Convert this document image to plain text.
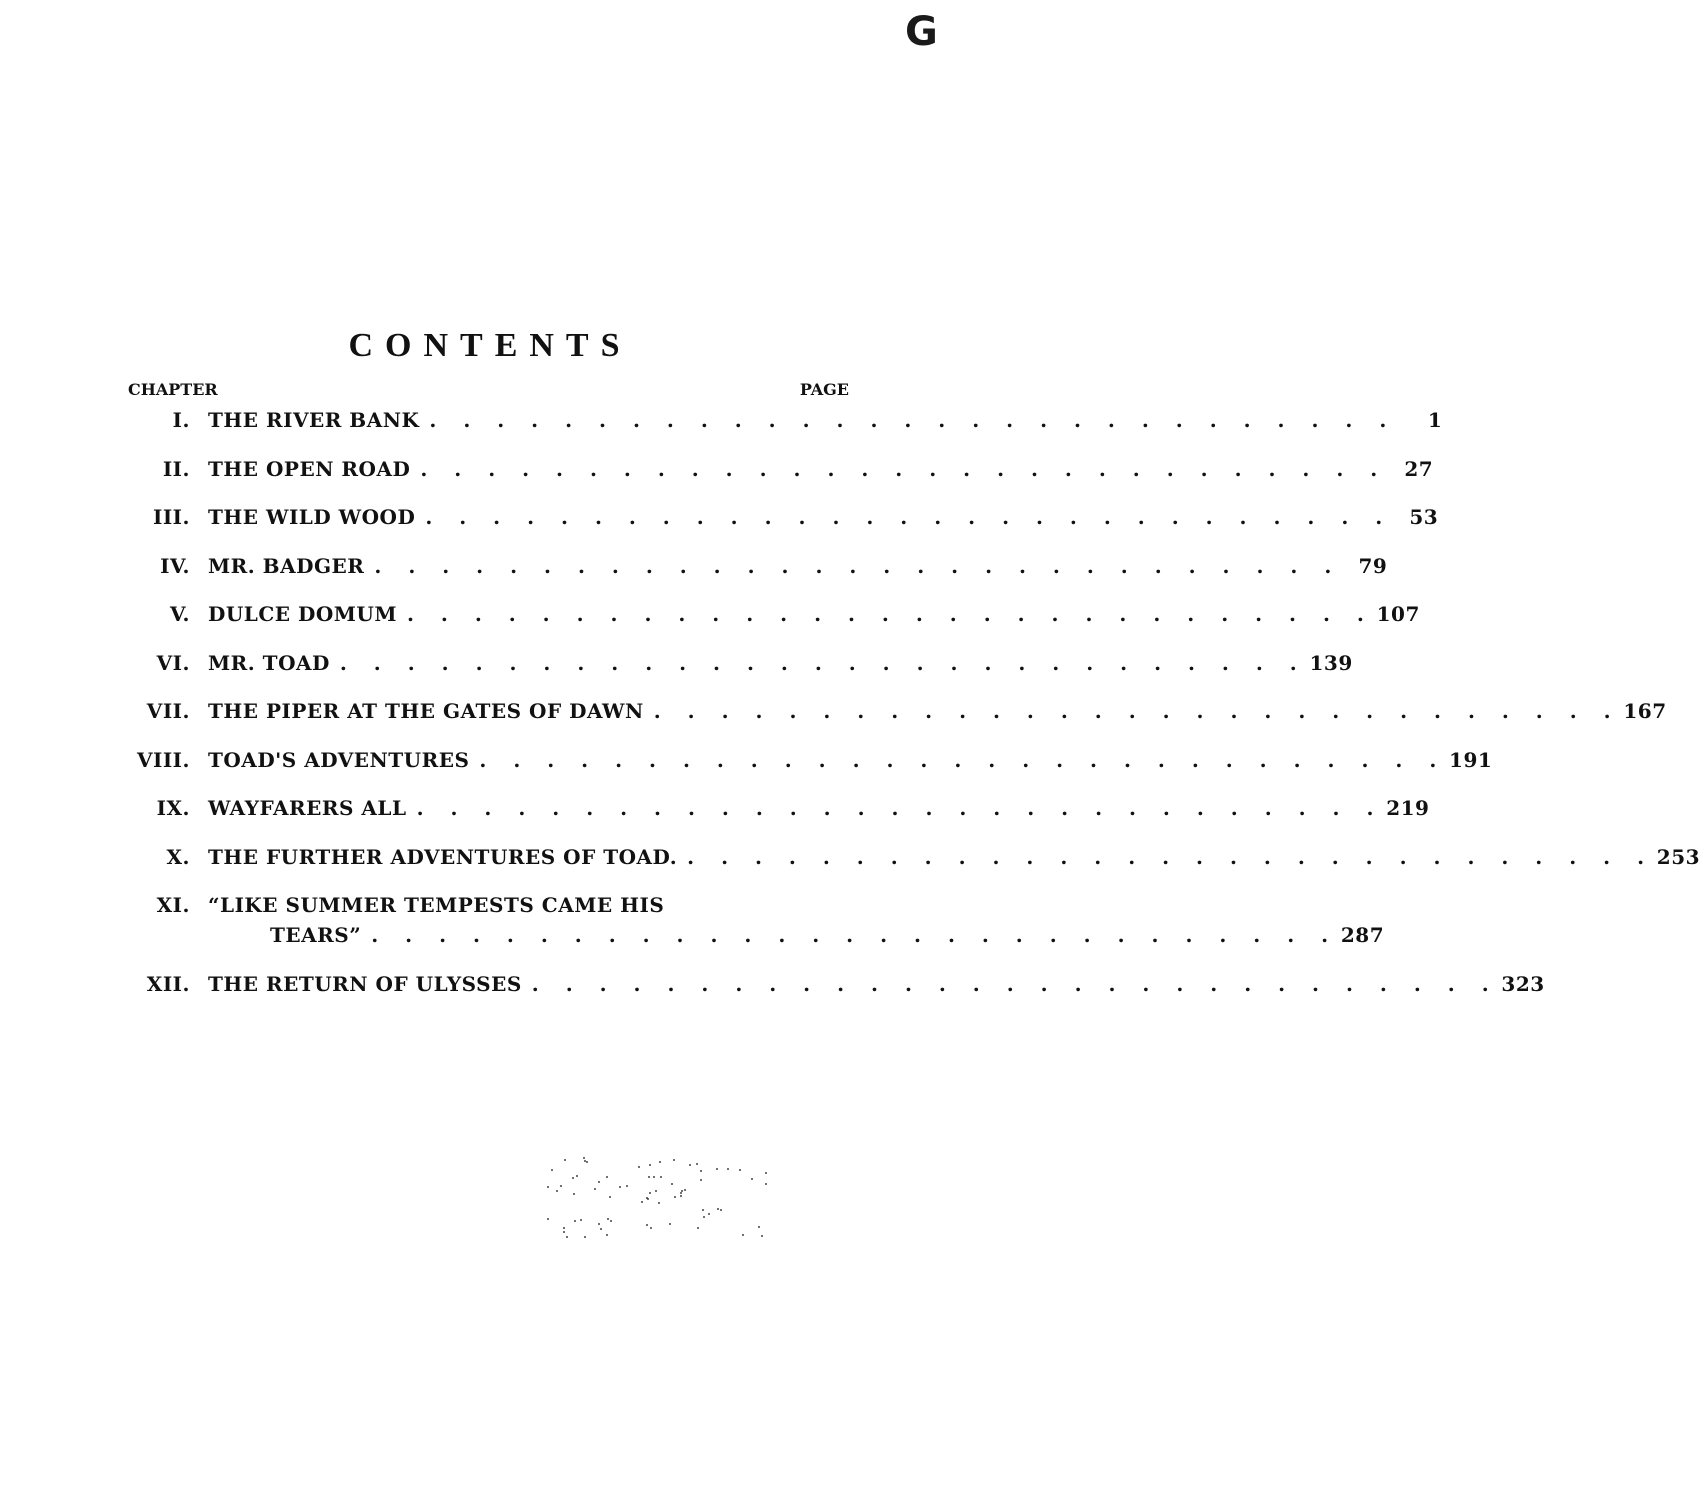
G
CONTENTS
CHAPTER	PAGE
I. THE RIVER BANK . . . . . . . . . . . . . . . . . . . . . . . . . . . . .	1
II. THE OPEN ROAD . . . . . . . . . . . . . . . . . . . . . . . . . . . . . 27
III. THE WILD WOOD . . . . . . . . . . . . . . . . . . . . . . . . . . . . . 53
IV. MR. BADGER . . . . . . . . . . . . . . . . . . . . . . . . . . . . . 79
V. DULCE DOMUM . . . . . . . . . . . . . . . . . . . . . . . . . . . . . 107
VI. MR. TOAD . . . . . . . . . . . . . . . . . . . . . . . . . . . . . 139
VII. THE PIPER AT THE GATES OF DAWN . . . . . . . . . . . . . . . . . . . . . . . . . . . . . 167
VIII. TOAD'S ADVENTURES . . . . . . . . . . . . . . . . . . . . . . . . . . . . . 191
IX. WAYFARERS ALL . . . . . . . . . . . . . . . . . . . . . . . . . . . . . 219
X. THE FURTHER ADVENTURES OF TOAD. . . . . . . . . . . . . . . . . . . . . . . . . . . . . . 253
XI. “LIKE SUMMER TEMPESTS CAME HIS
TEARS” . . . . . . . . . . . . . . . . . . . . . . . . . . . . . 287
XII. THE RETURN OF ULYSSES . . . . . . . . . . . . . . . . . . . . . . . . . . . . . 323
